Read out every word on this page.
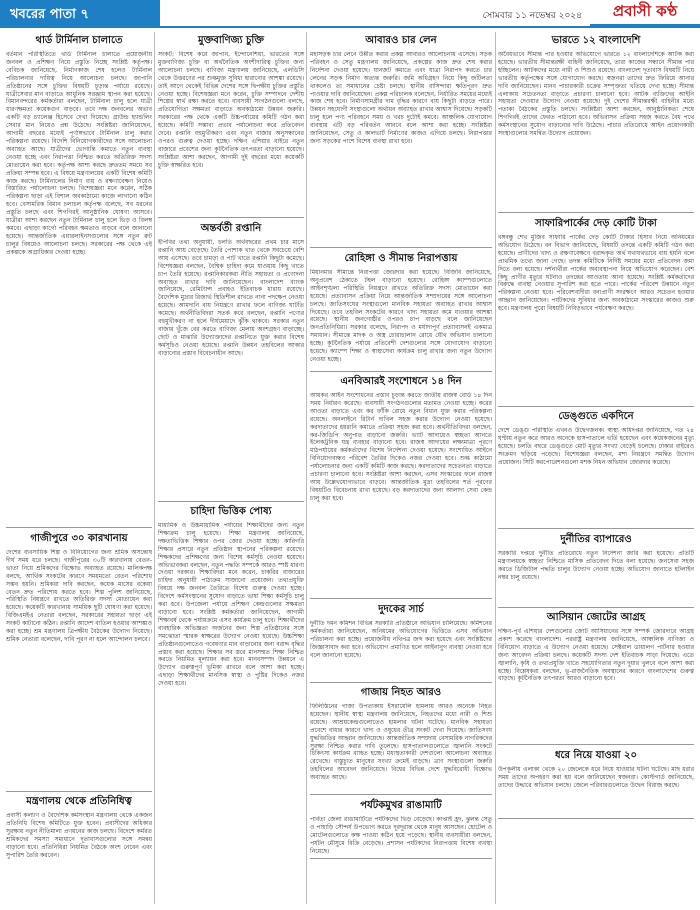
খবরের পাতা ৭	সোমবার ১১ নভেম্বর ২০২৪	প্রবাসী কণ্ঠ
থার্ড টার্মিনাল চালাতে
বর্তমান পরিস্থিতিতে থার্ড টার্মিনাল চালাতে প্রয়োজনীয় জনবল ও প্রশিক্ষণ নিয়ে প্রস্তুতি নিচ্ছে সংশ্লিষ্ট কর্তৃপক্ষ। বেবিচক জানিয়েছে, নির্মাণকাজ শেষ হলেও টার্মিনাল পরিচালনার দায়িত্ব নিয়ে আলোচনা চলছে। জাপানি প্রতিষ্ঠানের সঙ্গে চুক্তির বিষয়টি চূড়ান্ত পর্যায়ে রয়েছে। যাত্রীসেবার মান বাড়াতে আধুনিক সরঞ্জাম স্থাপন করা হয়েছে। বিমানবন্দরের কর্মকর্তারা বলছেন, টার্মিনাল চালু হলে যাত্রী ধারণক্ষমতা কয়েকগুণ বাড়বে। তবে দক্ষ জনবলের অভাব একটি বড় চ্যালেঞ্জ হিসেবে দেখা দিয়েছে। গ্রাউন্ড হ্যান্ডলিং সেবার মান নিয়েও প্রশ্ন উঠেছে। সংশ্লিষ্টরা জানিয়েছেন, আগামী বছরের মধ্যেই পূর্ণাঙ্গভাবে টার্মিনাল চালু করার পরিকল্পনা রয়েছে। বিদেশি বিনিয়োগকারীদের সঙ্গে আলোচনা অব্যাহত আছে। যাত্রীদের ভোগান্তি কমাতে নতুন ব্যবস্থা নেওয়া হচ্ছে এবং নিরাপত্তা নিশ্চিত করতে অতিরিক্ত সদস্য মোতায়েন করা হবে। কর্তৃপক্ষ আশা করছে দ্রুততম সময়ে সব প্রক্রিয়া সম্পন্ন হবে। এ বিষয়ে মন্ত্রণালয়ের একটি বিশেষ কমিটি কাজ করছে। টার্মিনালের নির্মাণ ব্যয় ও রক্ষণাবেক্ষণ নিয়েও বিস্তারিত পর্যালোচনা চলছে। বিশেষজ্ঞরা মনে করেন, সঠিক পরিকল্পনা ছাড়া এই বিশাল অবকাঠামো কাজে লাগানো কঠিন হবে। বেসামরিক বিমান চলাচল কর্তৃপক্ষ বলেছে, সব ধরনের প্রস্তুতি চলছে এবং শিগগিরই আনুষ্ঠানিক ঘোষণা আসবে। যাত্রীরা আশা করছেন নতুন টার্মিনাল চালু হলে ভিড় ও বিলম্ব কমবে। এছাড়া কার্গো পরিবহন ক্ষমতাও বাড়বে বলে জানানো হয়েছে। আন্তর্জাতিক এয়ারলাইনসগুলোর সঙ্গে নতুন রুট চালুর বিষয়েও আলোচনা চলছে। সরকারের পক্ষ থেকে এই প্রকল্পকে অগ্রাধিকার দেওয়া হচ্ছে।
গাজীপুরে ৩০ কারখানায়
দেশের ব্যবসায়িক শিল্প ও বিনিয়োগের জন্য শ্রমিক অসন্তোষ দীর্ঘ সময় ধরে চলছে। গাজীপুরের ৩০টি কারখানায় বেতন-ভাতা নিয়ে শ্রমিকদের বিক্ষোভ অব্যাহত রয়েছে। মালিকপক্ষ বলছে, আর্থিক সংকটের কারণে সময়মতো বেতন পরিশোধ সম্ভব হয়নি। শ্রমিকরা দাবি করছেন, কয়েক মাসের বকেয়া বেতন দ্রুত পরিশোধ করতে হবে। শিল্প পুলিশ জানিয়েছে, পরিস্থিতি নিয়ন্ত্রণে রাখতে অতিরিক্ত সদস্য মোতায়েন করা হয়েছে। কয়েকটি কারখানায় সাময়িক ছুটি ঘোষণা করা হয়েছে। বিজিএমইএ নেতারা বলছেন, সরকারের সহায়তা ছাড়া এই সংকট কাটানো কঠিন। রপ্তানি আদেশ বাতিল হওয়ার আশঙ্কাও করা হচ্ছে। শ্রম মন্ত্রণালয় ত্রিপক্ষীয় বৈঠকের উদ্যোগ নিয়েছে। শ্রমিক নেতারা বলেছেন, দাবি পূরণ না হলে আন্দোলন চলবে।
মন্ত্রণালয় থেকে প্রতিনিধিত্ব
প্রবাসী কল্যাণ ও বৈদেশিক কর্মসংস্থান মন্ত্রণালয় থেকে একজন প্রতিনিধি বিশেষ কমিটিতে যুক্ত হবেন। প্রবাসীদের অধিকার সুরক্ষায় নতুন নীতিমালা প্রণয়নের কাজ চলছে। বিদেশে কর্মরত শ্রমিকদের সমস্যা সমাধানে দূতাবাসগুলোর সঙ্গে সমন্বয় বাড়ানো হবে। প্রতিনিধিরা নিয়মিত বৈঠকে অংশ নেবেন এবং সুপারিশ তৈরি করবেন।
মুক্তবাণিজ্য চুক্তি
সংকট: বিশেষ করে জাপান, ইন্দোনেশিয়া, ভারতের সঙ্গে মুক্তবাণিজ্য চুক্তি বা অর্থনৈতিক অংশীদারিত্ব চুক্তির জন্য আলোচনা চলছে। বাণিজ্য মন্ত্রণালয় জানিয়েছে, এলডিসি থেকে উত্তরণের পর শুল্কমুক্ত সুবিধা হারানোর আশঙ্কা রয়েছে। তাই আগে থেকেই বিভিন্ন দেশের সঙ্গে দ্বিপক্ষীয় চুক্তির প্রস্তুতি নেওয়া হচ্ছে। বিশেষজ্ঞরা মনে করেন, চুক্তি সম্পাদনে দেশীয় শিল্পের স্বার্থ রক্ষা করতে হবে। ব্যবসায়ী সংগঠনগুলো বলছে, প্রতিযোগিতা সক্ষমতা বাড়াতে অবকাঠামো উন্নয়ন জরুরি। সরকারের পক্ষ থেকে একটি উচ্চপর্যায়ের কমিটি গঠন করা হয়েছে। কমিটি সম্ভাব্য প্রভাব পর্যালোচনা করে প্রতিবেদন দেবে। রপ্তানি বহুমুখীকরণ এবং নতুন বাজার অনুসন্ধানের ওপরও গুরুত্ব দেওয়া হচ্ছে। দক্ষিণ এশিয়ার বাইরে নতুন বাজারে প্রবেশের জন্য কূটনৈতিক তৎপরতা বাড়ানো হয়েছে। সংশ্লিষ্টরা আশা করছেন, আগামী দুই বছরের মধ্যে কয়েকটি চুক্তি স্বাক্ষরিত হবে।
অন্তর্বর্তী রপ্তানি
ইপিবির তথ্য অনুযায়ী, চলতি অর্থবছরের প্রথম চার মাসে রপ্তানি আয় বেড়েছে। তৈরি পোশাক খাত থেকে সবচেয়ে বেশি আয় এসেছে। তবে চামড়া ও পাট খাতে রপ্তানি কিছুটা কমেছে। বিশেষজ্ঞরা বলছেন, বৈশ্বিক চাহিদা কমে যাওয়ায় কিছু খাতে চাপ তৈরি হয়েছে। রপ্তানিকারকরা নীতি সহায়তা ও প্রণোদনা অব্যাহত রাখার দাবি জানিয়েছেন। বাংলাদেশ ব্যাংক জানিয়েছে, রেমিট্যান্স প্রবাহও ইতিবাচক ধারায় রয়েছে। বৈদেশিক মুদ্রার রিজার্ভ স্থিতিশীল রাখতে নানা পদক্ষেপ নেওয়া হয়েছে। আমদানি ব্যয় নিয়ন্ত্রণে রাখার ফলে বাণিজ্য ঘাটতি কমেছে। অর্থনীতিবিদরা সতর্ক করে বলছেন, রপ্তানি পণ্যের বহুমুখীকরণ না হলে দীর্ঘমেয়াদে ঝুঁকি থাকবে। সরকার নতুন বাজার খুঁজে বের করতে বাণিজ্য মেলায় অংশগ্রহণ বাড়াচ্ছে। ছোট ও মাঝারি উদ্যোক্তাদের রপ্তানিতে যুক্ত করার বিশেষ কর্মসূচিও নেওয়া হয়েছে। রপ্তানি উন্নয়ন তহবিলের আকার বাড়ানোর প্রস্তাব বিবেচনাধীন আছে।
চাহিদা ভিত্তিক পোষ্য
মাধ্যমিক ও উচ্চমাধ্যমিক পর্যায়ের শিক্ষার্থীদের জন্য নতুন শিক্ষাক্রম চালু হয়েছে। শিক্ষা মন্ত্রণালয় জানিয়েছে, দক্ষতাভিত্তিক শিক্ষার ওপর জোর দেওয়া হচ্ছে। কারিগরি শিক্ষার প্রসারে নতুন প্রতিষ্ঠান স্থাপনের পরিকল্পনা রয়েছে। শিক্ষকদের প্রশিক্ষণের জন্য বিশেষ কর্মসূচি নেওয়া হয়েছে। অভিভাবকরা বলছেন, নতুন পদ্ধতি সম্পর্কে আরও স্পষ্ট ধারণা দেওয়া দরকার। শিক্ষাবিদরা মনে করেন, চাকরির বাজারের চাহিদা অনুযায়ী পাঠ্যক্রম সাজানো প্রয়োজন। তথ্যপ্রযুক্তি বিষয়ে দক্ষ জনবল তৈরিতে বিশেষ গুরুত্ব দেওয়া হচ্ছে। বিদেশে কর্মসংস্থানের সুযোগ বাড়াতে ভাষা শিক্ষা কর্মসূচি চালু করা হবে। উপজেলা পর্যায়ে প্রশিক্ষণ কেন্দ্রগুলোর সক্ষমতা বাড়ানো হবে। সংশ্লিষ্ট কর্মকর্তারা জানিয়েছেন, আগামী শিক্ষাবর্ষ থেকে পর্যায়ক্রমে এসব কার্যক্রম চালু হবে। শিক্ষার্থীদের ব্যবহারিক অভিজ্ঞতা অর্জনের জন্য শিল্প প্রতিষ্ঠানের সঙ্গে সমঝোতা স্মারক স্বাক্ষরের উদ্যোগ নেওয়া হয়েছে। উচ্চশিক্ষা প্রতিষ্ঠানগুলোতেও গবেষণার মান বাড়ানোর জন্য বরাদ্দ বৃদ্ধির প্রস্তাব করা হয়েছে। শিক্ষার সব স্তরে মানসম্মত শিক্ষা নিশ্চিত করতে নিয়মিত মূল্যায়ন করা হবে। মানবসম্পদ উন্নয়নে এ উদ্যোগ গুরুত্বপূর্ণ ভূমিকা রাখবে বলে আশা করা হচ্ছে। এছাড়া শিক্ষার্থীদের মানসিক স্বাস্থ্য ও পুষ্টির দিকেও নজর দেওয়া হবে।
আবারও চার লেন
মহাসড়ক চার লেনে উন্নীত করার প্রকল্প আবারও আলোচনায় এসেছে। সড়ক পরিবহন ও সেতু মন্ত্রণালয় জানিয়েছে, প্রকল্পের কাজ দ্রুত শেষ করার নির্দেশনা দেওয়া হয়েছে। যানজট কমাতে এবং যাত্রা নিরাপদ করতে চার লেনের সড়ক নির্মাণ অত্যন্ত জরুরি। জমি অধিগ্রহণ নিয়ে কিছু জটিলতা থাকলেও তা সমাধানের চেষ্টা চলছে। স্থানীয় বাসিন্দারা ক্ষতিপূরণ দ্রুত পাওয়ার দাবি জানিয়েছেন। প্রকল্প পরিচালক বলেছেন, নির্ধারিত সময়ের মধ্যেই কাজ শেষ হবে। নির্মাণসামগ্রীর দাম বৃদ্ধির কারণে ব্যয় কিছুটা বাড়তে পারে। উন্নয়ন সহযোগী সংস্থাগুলো অর্থায়ন অব্যাহত রাখার আশ্বাস দিয়েছে। সড়কটি চালু হলে পণ্য পরিবহনে সময় ও খরচ দুটোই কমবে। আঞ্চলিক যোগাযোগ ব্যবস্থায় এটি বড় পরিবর্তন আনবে বলে আশা করা হচ্ছে। সংশ্লিষ্টরা জানিয়েছেন, সেতু ও কালভার্ট নির্মাণের কাজও এগিয়ে চলছে। নিরাপত্তার জন্য সড়কের পাশে বিশেষ ব্যবস্থা রাখা হবে।
রোহিঙ্গা ও সীমান্ত নিরাপত্তায়
মিয়ানমার সীমান্তে নিরাপত্তা জোরদার করা হয়েছে। বিজিবি জানিয়েছে, অনুপ্রবেশ ঠেকাতে টহল বাড়ানো হয়েছে। রোহিঙ্গা ক্যাম্পগুলোতে আইনশৃঙ্খলা পরিস্থিতি নিয়ন্ত্রণে রাখতে অতিরিক্ত সদস্য মোতায়েন করা হয়েছে। প্রত্যাবাসন প্রক্রিয়া নিয়ে আন্তর্জাতিক সম্প্রদায়ের সঙ্গে আলোচনা চলছে। জাতিসংঘের সংস্থাগুলো মানবিক সহায়তা অব্যাহত রাখার আশ্বাস দিয়েছে। তবে তহবিল সংকটের কারণে খাদ্য সহায়তা কমে যাওয়ার আশঙ্কা রয়েছে। স্থানীয় জনগোষ্ঠীর ওপরও চাপ বাড়ছে বলে জানিয়েছেন জনপ্রতিনিধিরা। সরকার বলেছে, নিরাপদ ও মর্যাদাপূর্ণ প্রত্যাবাসনই একমাত্র সমাধান। সীমান্তে মাদক ও অস্ত্র চোরাচালান রোধে যৌথ অভিযান চালানো হচ্ছে। কূটনৈতিক পর্যায়ে প্রতিবেশী দেশগুলোর সঙ্গে যোগাযোগ বাড়ানো হয়েছে। ক্যাম্পে শিক্ষা ও স্বাস্থ্যসেবা কার্যক্রম চালু রাখার জন্য নতুন উদ্যোগ নেওয়া হচ্ছে।
এনবিআরই সংশোধনে ১৪ দিন
আয়কর আইন সংশোধনের প্রস্তাব চূড়ান্ত করতে জাতীয় রাজস্ব বোর্ড ১৪ দিন সময় নির্ধারণ করেছে। ব্যবসায়ী সংগঠনগুলোর মতামত নেওয়া হচ্ছে। করের আওতা বাড়াতে এবং কর ফাঁকি রোধে নতুন বিধান যুক্ত করার পরিকল্পনা রয়েছে। অনলাইনে রিটার্ন দাখিল সহজ করার উদ্যোগ নেওয়া হয়েছে। করদাতাদের হয়রানি কমাতে প্রক্রিয়া সহজ করা হবে। অর্থনীতিবিদরা বলছেন, কর-জিডিপি অনুপাত বাড়ানো জরুরি। ভ্যাট আদায়েও স্বচ্ছতা আনতে ইলেকট্রনিক যন্ত্র ব্যবহার বাড়ানো হবে। রাজস্ব আদায়ের লক্ষ্যমাত্রা পূরণে মাঠপর্যায়ের কর্মকর্তাদের বিশেষ নির্দেশনা দেওয়া হয়েছে। সংশোধিত আইনে বিনিয়োগবান্ধব পরিবেশ তৈরির দিকেও নজর দেওয়া হবে। শুল্ক কাঠামো পর্যালোচনার জন্য একটি কমিটি কাজ করছে। করদাতাদের সচেতনতা বাড়াতে প্রচারণা চালানো হবে। সংশ্লিষ্টরা আশা করছেন, এসব সংস্কারের ফলে রাজস্ব আয় উল্লেখযোগ্যভাবে বাড়বে। আন্তর্জাতিক মুদ্রা তহবিলের শর্ত পূরণের বিষয়টিও বিবেচনায় রাখা হয়েছে। বড় করদাতাদের জন্য আলাদা সেবা কেন্দ্র চালু করা হবে।
দুদকের সার্চ
দুর্নীতি দমন কমিশন বিভিন্ন সরকারি প্রতিষ্ঠানে অভিযান চালিয়েছে। কমিশনের কর্মকর্তারা জানিয়েছেন, অনিয়মের অভিযোগের ভিত্তিতে এসব অভিযান পরিচালনা করা হচ্ছে। প্রয়োজনীয় নথিপত্র জব্দ করা হয়েছে এবং সংশ্লিষ্টদের জিজ্ঞাসাবাদ করা হবে। অভিযোগ প্রমাণিত হলে আইনানুগ ব্যবস্থা নেওয়া হবে বলে জানানো হয়েছে।
গাজায় নিহত আরও
ফিলিস্তিনের গাজা উপত্যকায় ইসরায়েলি হামলায় আরও অনেকে নিহত হয়েছেন। স্থানীয় স্বাস্থ্য মন্ত্রণালয় জানিয়েছে, নিহতদের মধ্যে নারী ও শিশু রয়েছে। আশ্রয়কেন্দ্রগুলোতেও হামলার ঘটনা ঘটেছে। মানবিক সহায়তা প্রবেশে বাধার কারণে খাদ্য ও ওষুধের তীব্র সংকট দেখা দিয়েছে। জাতিসংঘ যুদ্ধবিরতির আহ্বান জানিয়েছে। আন্তর্জাতিক সম্প্রদায় বেসামরিক নাগরিকদের সুরক্ষা নিশ্চিত করার দাবি তুলেছে। হাসপাতালগুলোতে জ্বালানি সংকটে চিকিৎসা কার্যক্রম ব্যাহত হচ্ছে। মধ্যস্থতাকারী দেশগুলো আলোচনা অব্যাহত রেখেছে। বাস্তুচ্যুত মানুষের সংখ্যা ক্রমেই বাড়ছে। ত্রাণ সংস্থাগুলো জরুরি তহবিলের আবেদন জানিয়েছে। বিশ্বের বিভিন্ন দেশে যুদ্ধবিরোধী বিক্ষোভ অব্যাহত আছে।
পর্যটকমুখর রাঙামাটি
পার্বত্য জেলা রাঙামাটিতে পর্যটকদের ভিড় বেড়েছে। কাপ্তাই হ্রদ, ঝুলন্ত সেতু ও পাহাড়ি সৌন্দর্য উপভোগ করতে দূরদূরান্ত থেকে মানুষ আসছেন। হোটেল ও মোটেলগুলোতে কক্ষ পাওয়া কঠিন হয়ে পড়েছে। স্থানীয় ব্যবসায়ীরা বলছেন, পর্যটন মৌসুমে বিক্রি বেড়েছে। প্রশাসন পর্যটকদের নিরাপত্তায় বিশেষ ব্যবস্থা নিয়েছে।
ভারতে ১২ বাংলাদেশি
অবৈধভাবে সীমান্ত পার হওয়ার অভিযোগে ভারতে ১২ বাংলাদেশিকে আটক করা হয়েছে। ভারতীয় সীমান্তরক্ষী বাহিনী জানিয়েছে, তারা কাজের সন্ধানে সীমান্ত পার হচ্ছিলেন। আটকদের মধ্যে নারী ও শিশুও রয়েছে। বাংলাদেশ দূতাবাস বিষয়টি নিয়ে ভারতীয় কর্তৃপক্ষের সঙ্গে যোগাযোগ করছে। স্বজনরা তাদের দ্রুত ফিরিয়ে আনার দাবি জানিয়েছেন। মানব পাচারকারী চক্রের সম্পৃক্ততা খতিয়ে দেখা হচ্ছে। সীমান্ত এলাকায় সচেতনতা বাড়াতে প্রচারণা চালানো হবে। আটক ব্যক্তিদের আইনি সহায়তা দেওয়ার উদ্যোগ নেওয়া হয়েছে। দুই দেশের সীমান্তরক্ষী বাহিনীর মধ্যে পতাকা বৈঠকের প্রস্তুতি চলছে। সংশ্লিষ্টরা আশা করছেন, আনুষ্ঠানিকতা শেষে শিগগিরই তাদের ফেরত পাঠানো হবে। অভিবাসন প্রক্রিয়া সহজ করতে বৈধ পথে কর্মসংস্থানের সুযোগ বাড়ানোর দাবি উঠেছে। পাচার প্রতিরোধে আইন প্রয়োগকারী সংস্থাগুলোর সমন্বিত উদ্যোগ প্রয়োজন।
সাফারিপার্কের দেড় কোটি টাকা
বঙ্গবন্ধু শেখ মুজিব সাফারি পার্কের দেড় কোটি টাকার হিসাব নিয়ে অনিয়মের অভিযোগ উঠেছে। বন বিভাগ জানিয়েছে, বিষয়টি তদন্তে একটি কমিটি গঠন করা হয়েছে। প্রাণীদের খাদ্য ও রক্ষণাবেক্ষণে বরাদ্দকৃত অর্থ যথাযথভাবে ব্যয় হয়নি বলে প্রাথমিক তথ্যে জানা গেছে। তদন্ত কমিটিকে নির্দিষ্ট সময়ের মধ্যে প্রতিবেদন জমা দিতে বলা হয়েছে। দর্শনার্থীরা পার্কের অব্যবস্থাপনা নিয়ে অভিযোগ করেছেন। বেশ কিছু প্রাণীর মৃত্যুর ঘটনাও তদন্তের আওতায় আনা হয়েছে। সংশ্লিষ্ট কর্মকর্তাদের বিরুদ্ধে ব্যবস্থা নেওয়ার সুপারিশ করা হতে পারে। পার্কের পরিবেশ উন্নয়নে নতুন পরিকল্পনা নেওয়া হবে। পরিবেশবাদীরা বন্যপ্রাণী সংরক্ষণে আরও সচেতন হওয়ার আহ্বান জানিয়েছেন। পর্যটকদের সুবিধার জন্য অবকাঠামো সংস্কারের কাজও শুরু হবে। মন্ত্রণালয় পুরো বিষয়টি নিবিড়ভাবে পর্যবেক্ষণ করছে।
ডেঙ্গুতে একদিনে
দেশে ডেঙ্গু পরিস্থিতি এখনও উদ্বেগজনক। স্বাস্থ্য অধিদপ্তর জানিয়েছে, গত ২৪ ঘণ্টায় নতুন করে আরও অনেকে হাসপাতালে ভর্তি হয়েছেন এবং কয়েকজনের মৃত্যু হয়েছে। চলতি বছরে ডেঙ্গুতে মোট মৃত্যুর সংখ্যা বেড়েই চলেছে। ঢাকার বাইরেও সংক্রমণ ছড়িয়ে পড়েছে। বিশেষজ্ঞরা বলছেন, মশা নিয়ন্ত্রণে সমন্বিত উদ্যোগ প্রয়োজন। সিটি করপোরেশনগুলো মশক নিধন অভিযান জোরদার করেছে।
দুর্নীতির ব্যাপারেও
সরকারি দপ্তরে দুর্নীতি প্রতিরোধে নতুন নির্দেশনা জারি করা হয়েছে। প্রতিটি মন্ত্রণালয়কে স্বচ্ছতা নিশ্চিতে মাসিক প্রতিবেদন দিতে বলা হয়েছে। জনসেবা সহজ করতে ডিজিটাল পদ্ধতি চালুর উদ্যোগ নেওয়া হচ্ছে। অভিযোগ জানাতে হটলাইন নম্বর চালু রয়েছে।
আসিয়ান জোটের আগ্রহ
দক্ষিণ-পূর্ব এশিয়ার দেশগুলোর জোট আসিয়ানের সঙ্গে সম্পর্ক জোরদারে আগ্রহ প্রকাশ করেছে বাংলাদেশ। পররাষ্ট্র মন্ত্রণালয় জানিয়েছে, আঞ্চলিক বাণিজ্য ও বিনিয়োগ বাড়াতে এ উদ্যোগ নেওয়া হয়েছে। সেক্টরাল ডায়ালগ পার্টনার হওয়ার জন্য আবেদন প্রক্রিয়া চলছে। কয়েকটি সদস্য দেশ ইতিবাচক সাড়া দিয়েছে। এতে জ্বালানি, কৃষি ও তথ্যপ্রযুক্তি খাতে সহযোগিতার নতুন দুয়ার খুলবে বলে আশা করা হচ্ছে। বিশ্লেষকরা বলছেন, ভূ-রাজনৈতিক অবস্থানের কারণে বাংলাদেশের গুরুত্ব বাড়ছে। কূটনৈতিক তৎপরতা আরও বাড়ানো হবে।
ধরে নিয়ে যাওয়া ২০
উপকূলীয় এলাকা থেকে ২০ জেলেকে ধরে নিয়ে যাওয়ার ঘটনা ঘটেছে। মাছ ধরার সময় তাদের অপহরণ করা হয় বলে জানিয়েছেন স্বজনরা। কোস্টগার্ড জানিয়েছে, তাদের উদ্ধারে অভিযান চলছে। জেলে পরিবারগুলোতে উদ্বেগ বিরাজ করছে।
